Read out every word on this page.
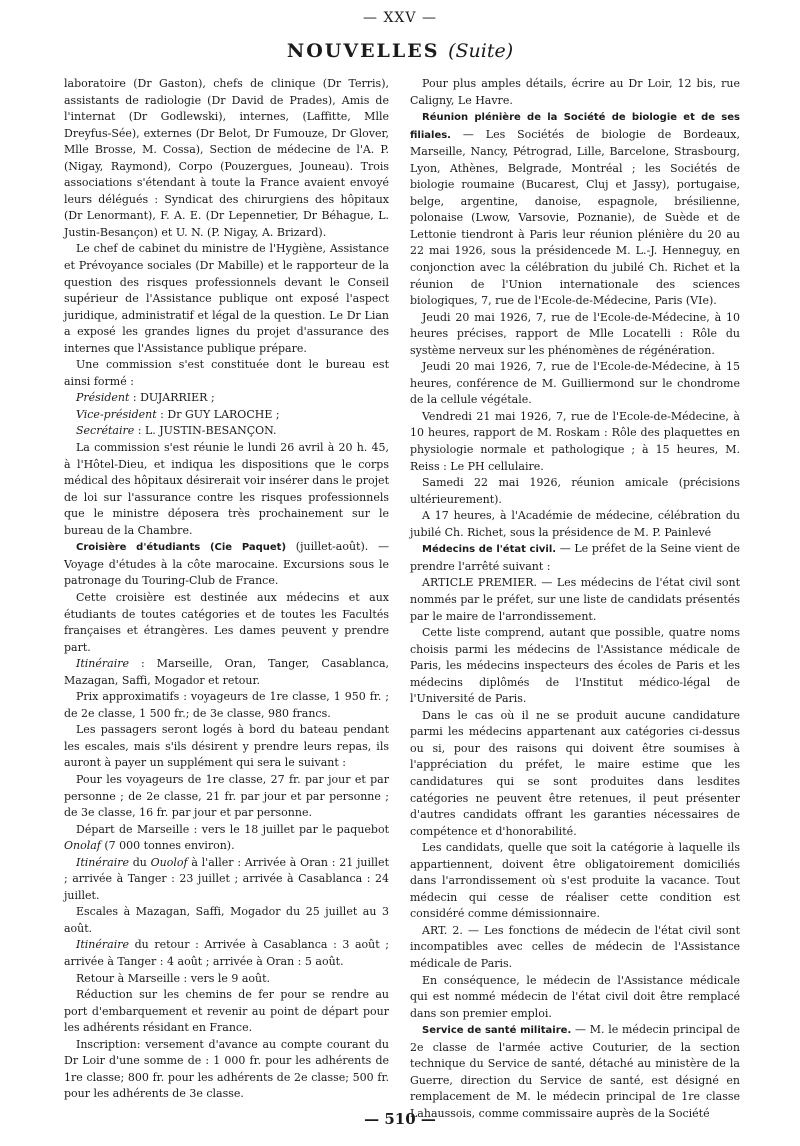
— XXV —
NOUVELLES (Suite)

laboratoire (Dr Gaston), chefs de clinique (Dr Terris), assistants de radiologie (Dr David de Prades), Amis de l'internat (Dr Godlewski), internes, (Laffitte, Mlle Dreyfus-Sée), externes (Dr Belot, Dr Fumouze, Dr Glover, Mlle Brosse, M. Cossa), Section de médecine de l'A. P. (Nigay, Raymond), Corpo (Pouzergues, Jouneau). Trois associations s'étendant à toute la France avaient envoyé leurs délégués : Syndicat des chirurgiens des hôpitaux (Dr Lenormant), F. A. E. (Dr Lepennetier, Dr Béhague, L. Justin-Besançon) et U. N. (P. Nigay, A. Brizard).

Le chef de cabinet du ministre de l'Hygiène, Assistance et Prévoyance sociales (Dr Mabille) et le rapporteur de la question des risques professionnels devant le Conseil supérieur de l'Assistance publique ont exposé l'aspect juridique, administratif et légal de la question. Le Dr Lian a exposé les grandes lignes du projet d'assurance des internes que l'Assistance publique prépare.

Une commission s'est constituée dont le bureau est ainsi formé :

Président : DUJARRIER ;

Vice-président : Dr GUY LAROCHE ;

Secrétaire : L. JUSTIN-BESANÇON.

La commission s'est réunie le lundi 26 avril à 20 h. 45, à l'Hôtel-Dieu, et indiqua les dispositions que le corps médical des hôpitaux désirerait voir insérer dans le projet de loi sur l'assurance contre les risques professionnels que le ministre déposera très prochainement sur le bureau de la Chambre.

Croisière d'étudiants (Cie Paquet) (juillet-août). — Voyage d'études à la côte marocaine. Excursions sous le patronage du Touring-Club de France.

Cette croisière est destinée aux médecins et aux étudiants de toutes catégories et de toutes les Facultés françaises et étrangères. Les dames peuvent y prendre part.

Itinéraire : Marseille, Oran, Tanger, Casablanca, Mazagan, Saffi, Mogador et retour.

Prix approximatifs : voyageurs de 1re classe, 1 950 fr. ; de 2e classe, 1 500 fr.; de 3e classe, 980 francs.

Les passagers seront logés à bord du bateau pendant les escales, mais s'ils désirent y prendre leurs repas, ils auront à payer un supplément qui sera le suivant :

Pour les voyageurs de 1re classe, 27 fr. par jour et par personne ; de 2e classe, 21 fr. par jour et par personne ; de 3e classe, 16 fr. par jour et par personne.

Départ de Marseille : vers le 18 juillet par le paquebot Onolaf (7 000 tonnes environ).

Itinéraire du Ouolof à l'aller : Arrivée à Oran : 21 juillet ; arrivée à Tanger : 23 juillet ; arrivée à Casablanca : 24 juillet.

Escales à Mazagan, Saffi, Mogador du 25 juillet au 3 août.

Itinéraire du retour : Arrivée à Casablanca : 3 août ; arrivée à Tanger : 4 août ; arrivée à Oran : 5 août.

Retour à Marseille : vers le 9 août.

Réduction sur les chemins de fer pour se rendre au port d'embarquement et revenir au point de départ pour les adhérents résidant en France.

Inscription: versement d'avance au compte courant du Dr Loir d'une somme de : 1 000 fr. pour les adhérents de 1re classe; 800 fr. pour les adhérents de 2e classe; 500 fr. pour les adhérents de 3e classe.

Pour plus amples détails, écrire au Dr Loir, 12 bis, rue Caligny, Le Havre.

Réunion plénière de la Société de biologie et de ses filiales. — Les Sociétés de biologie de Bordeaux, Marseille, Nancy, Pétrograd, Lille, Barcelone, Strasbourg, Lyon, Athènes, Belgrade, Montréal ; les Sociétés de biologie roumaine (Bucarest, Cluj et Jassy), portugaise, belge, argentine, danoise, espagnole, brésilienne, polonaise (Lwow, Varsovie, Poznanie), de Suède et de Lettonie tiendront à Paris leur réunion plénière du 20 au 22 mai 1926, sous la présidencede M. L.-J. Henneguy, en conjonction avec la célébration du jubilé Ch. Richet et la réunion de l'Union internationale des sciences biologiques, 7, rue de l'Ecole-de-Médecine, Paris (VIe).

Jeudi 20 mai 1926, 7, rue de l'Ecole-de-Médecine, à 10 heures précises, rapport de Mlle Locatelli : Rôle du système nerveux sur les phénomènes de régénération.

Jeudi 20 mai 1926, 7, rue de l'Ecole-de-Médecine, à 15 heures, conférence de M. Guilliermond sur le chondrome de la cellule végétale.

Vendredi 21 mai 1926, 7, rue de l'Ecole-de-Médecine, à 10 heures, rapport de M. Roskam : Rôle des plaquettes en physiologie normale et pathologique ; à 15 heures, M. Reiss : Le PH cellulaire.

Samedi 22 mai 1926, réunion amicale (précisions ultérieurement).

A 17 heures, à l'Académie de médecine, célébration du jubilé Ch. Richet, sous la présidence de M. P. Painlevé

Médecins de l'état civil. — Le préfet de la Seine vient de prendre l'arrêté suivant :

ARTICLE PREMIER. — Les médecins de l'état civil sont nommés par le préfet, sur une liste de candidats présentés par le maire de l'arrondissement.

Cette liste comprend, autant que possible, quatre noms choisis parmi les médecins de l'Assistance médicale de Paris, les médecins inspecteurs des écoles de Paris et les médecins diplômés de l'Institut médico-légal de l'Université de Paris.

Dans le cas où il ne se produit aucune candidature parmi les médecins appartenant aux catégories ci-dessus ou si, pour des raisons qui doivent être soumises à l'appréciation du préfet, le maire estime que les candidatures qui se sont produites dans lesdites catégories ne peuvent être retenues, il peut présenter d'autres candidats offrant les garanties nécessaires de compétence et d'honorabilité.

Les candidats, quelle que soit la catégorie à laquelle ils appartiennent, doivent être obligatoirement domiciliés dans l'arrondissement où s'est produite la vacance. Tout médecin qui cesse de réaliser cette condition est considéré comme démissionnaire.

ART. 2. — Les fonctions de médecin de l'état civil sont incompatibles avec celles de médecin de l'Assistance médicale de Paris.

En conséquence, le médecin de l'Assistance médicale qui est nommé médecin de l'état civil doit être remplacé dans son premier emploi.

Service de santé militaire. — M. le médecin principal de 2e classe de l'armée active Couturier, de la section technique du Service de santé, détaché au ministère de la Guerre, direction du Service de santé, est désigné en remplacement de M. le médecin principal de 1re classe Lahaussois, comme commissaire auprès de la Société

— 510 —
